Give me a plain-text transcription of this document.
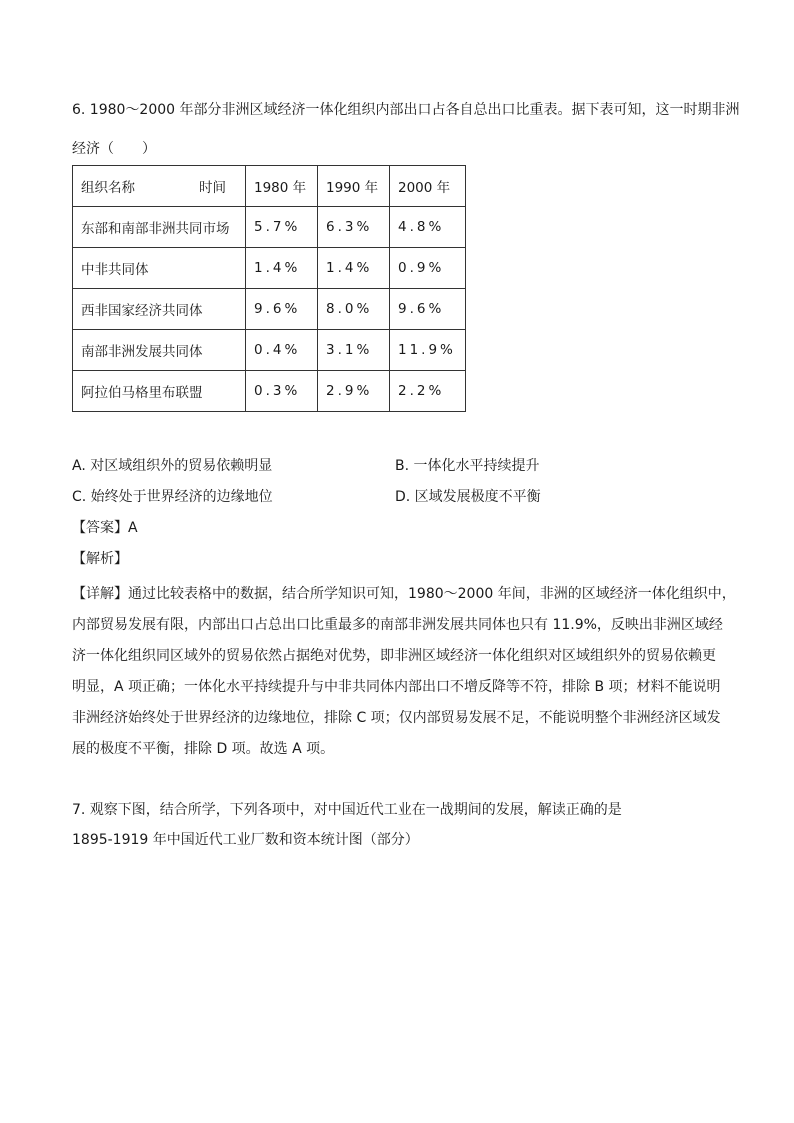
6. 1980～2000 年部分非洲区域经济一体化组织内部出口占各自总出口比重表。据下表可知，这一时期非洲
经济（　　）
组织名称 时间	1980 年	1990 年	2000 年
东部和南部非洲共同市场	5.7%	6.3%	4.8%
中非共同体	1.4%	1.4%	0.9%
西非国家经济共同体	9.6%	8.0%	9.6%
南部非洲发展共同体	0.4%	3.1%	11.9%
阿拉伯马格里布联盟	0.3%	2.9%	2.2%
A. 对区域组织外的贸易依赖明显	B. 一体化水平持续提升
C. 始终处于世界经济的边缘地位	D. 区域发展极度不平衡
【答案】A
【解析】
【详解】通过比较表格中的数据，结合所学知识可知，1980～2000 年间，非洲的区域经济一体化组织中，
内部贸易发展有限，内部出口占总出口比重最多的南部非洲发展共同体也只有 11.9%，反映出非洲区域经
济一体化组织同区域外的贸易依然占据绝对优势，即非洲区域经济一体化组织对区域组织外的贸易依赖更
明显，A 项正确；一体化水平持续提升与中非共同体内部出口不增反降等不符，排除 B 项；材料不能说明
非洲经济始终处于世界经济的边缘地位，排除 C 项；仅内部贸易发展不足，不能说明整个非洲经济区域发
展的极度不平衡，排除 D 项。故选 A 项。
7. 观察下图，结合所学，下列各项中，对中国近代工业在一战期间的发展，解读正确的是
1895-1919 年中国近代工业厂数和资本统计图（部分）
